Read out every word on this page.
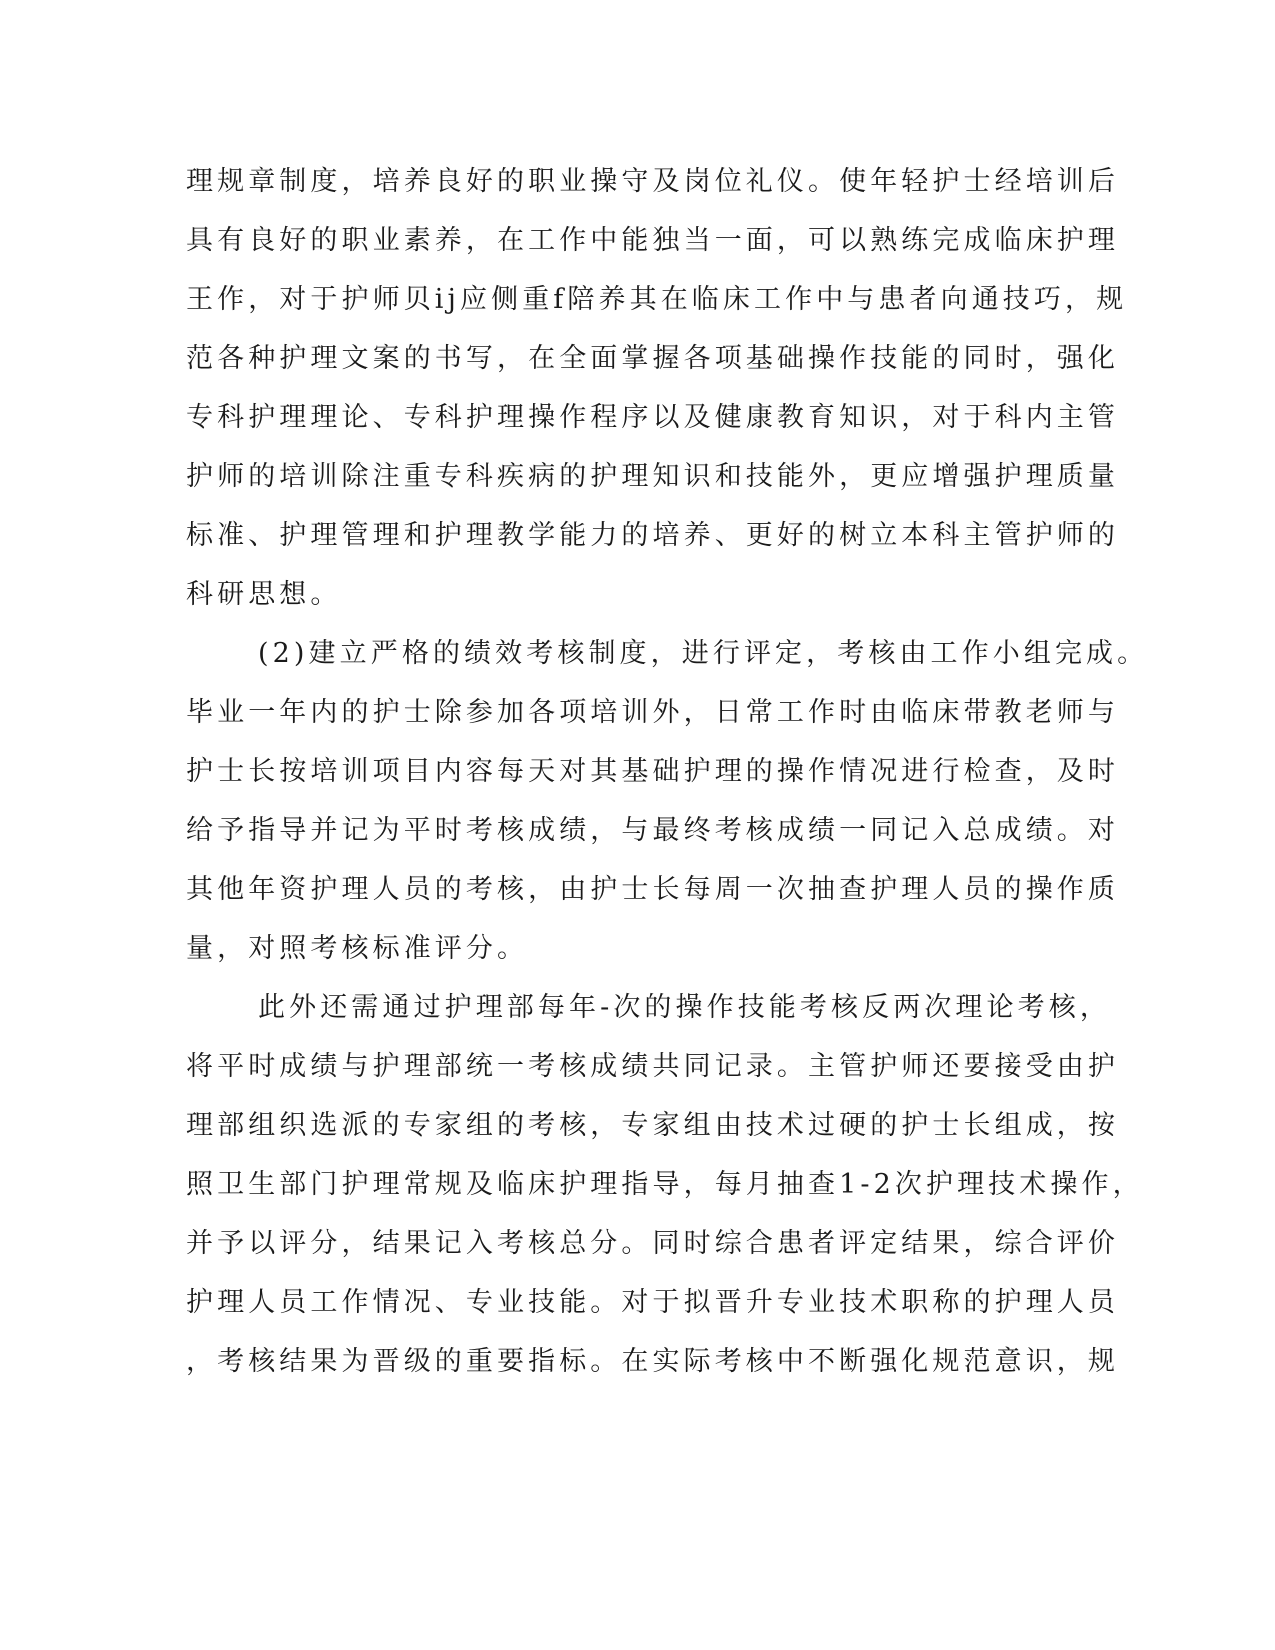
理规章制度，培养良好的职业操守及岗位礼仪。使年轻护士经培训后
具有良好的职业素养，在工作中能独当一面，可以熟练完成临床护理
王作，对于护师贝ij应侧重f陪养其在临床工作中与患者向通技巧，规
范各种护理文案的书写，在全面掌握各项基础操作技能的同时，强化
专科护理理论、专科护理操作程序以及健康教育知识，对于科内主管
护师的培训除注重专科疾病的护理知识和技能外，更应增强护理质量
标准、护理管理和护理教学能力的培养、更好的树立本科主管护师的
科研思想。
(2)建立严格的绩效考核制度，进行评定，考核由工作小组完成。
毕业一年内的护士除参加各项培训外，日常工作时由临床带教老师与
护士长按培训项目内容每天对其基础护理的操作情况进行检查，及时
给予指导并记为平时考核成绩，与最终考核成绩一同记入总成绩。对
其他年资护理人员的考核，由护士长每周一次抽查护理人员的操作质
量，对照考核标准评分。
此外还需通过护理部每年-次的操作技能考核反两次理论考核，
将平时成绩与护理部统一考核成绩共同记录。主管护师还要接受由护
理部组织选派的专家组的考核，专家组由技术过硬的护士长组成，按
照卫生部门护理常规及临床护理指导，每月抽查1-2次护理技术操作，
并予以评分，结果记入考核总分。同时综合患者评定结果，综合评价
护理人员工作情况、专业技能。对于拟晋升专业技术职称的护理人员
，考核结果为晋级的重要指标。在实际考核中不断强化规范意识，规
